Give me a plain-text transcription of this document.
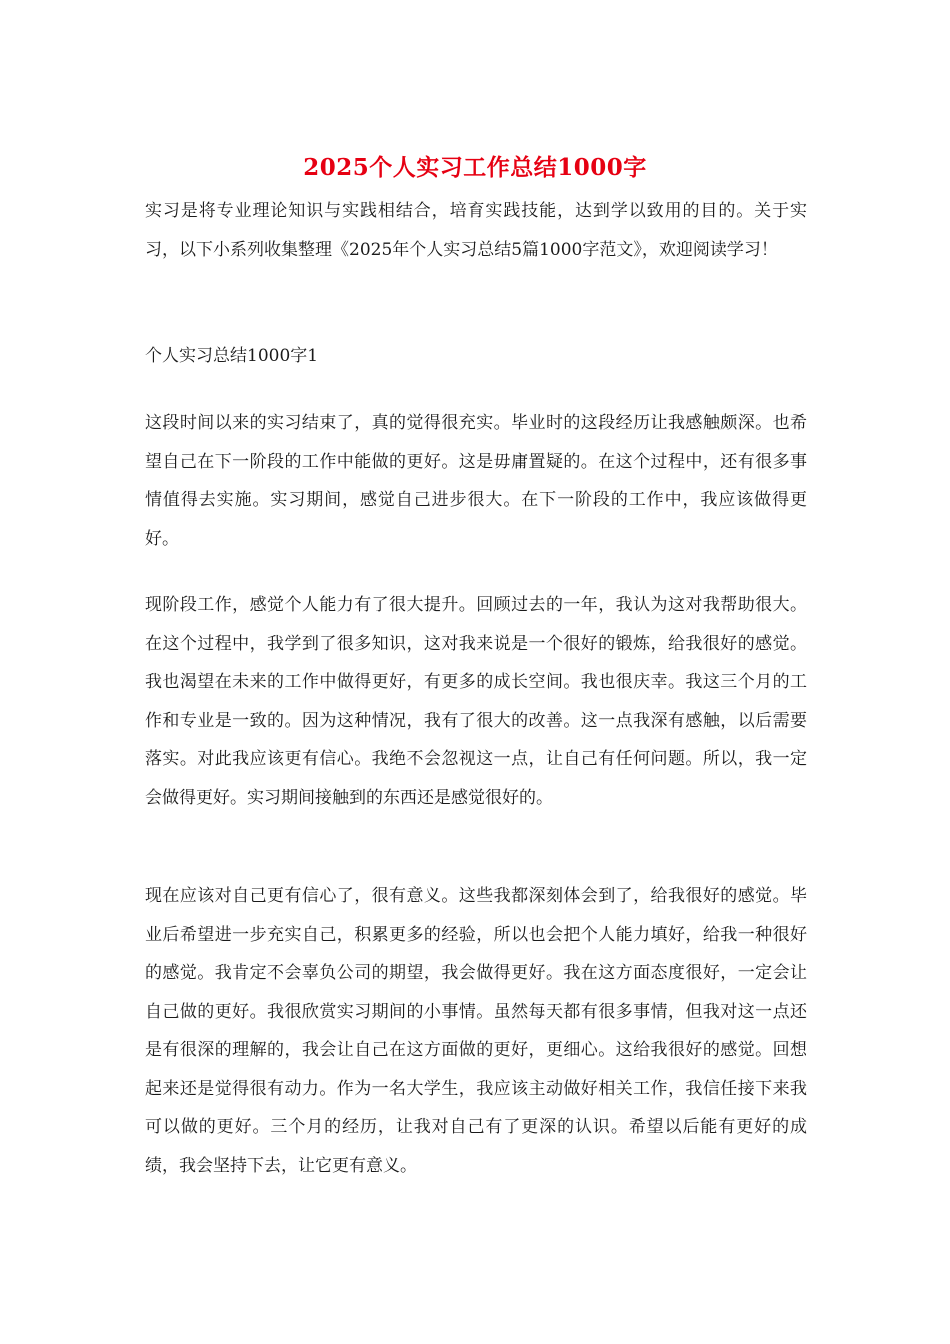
2025个人实习工作总结1000字

实习是将专业理论知识与实践相结合，培育实践技能，达到学以致用的目的。关于实习，以下小系列收集整理《2025年个人实习总结5篇1000字范文》，欢迎阅读学习！

个人实习总结1000字1

这段时间以来的实习结束了，真的觉得很充实。毕业时的这段经历让我感触颇深。也希望自己在下一阶段的工作中能做的更好。这是毋庸置疑的。在这个过程中，还有很多事情值得去实施。实习期间，感觉自己进步很大。在下一阶段的工作中，我应该做得更好。

现阶段工作，感觉个人能力有了很大提升。回顾过去的一年，我认为这对我帮助很大。在这个过程中，我学到了很多知识，这对我来说是一个很好的锻炼，给我很好的感觉。我也渴望在未来的工作中做得更好，有更多的成长空间。我也很庆幸。我这三个月的工作和专业是一致的。因为这种情况，我有了很大的改善。这一点我深有感触，以后需要落实。对此我应该更有信心。我绝不会忽视这一点，让自己有任何问题。所以，我一定会做得更好。实习期间接触到的东西还是感觉很好的。

现在应该对自己更有信心了，很有意义。这些我都深刻体会到了，给我很好的感觉。毕业后希望进一步充实自己，积累更多的经验，所以也会把个人能力填好，给我一种很好的感觉。我肯定不会辜负公司的期望，我会做得更好。我在这方面态度很好，一定会让自己做的更好。我很欣赏实习期间的小事情。虽然每天都有很多事情，但我对这一点还是有很深的理解的，我会让自己在这方面做的更好，更细心。这给我很好的感觉。回想起来还是觉得很有动力。作为一名大学生，我应该主动做好相关工作，我信任接下来我可以做的更好。三个月的经历，让我对自己有了更深的认识。希望以后能有更好的成绩，我会坚持下去，让它更有意义。
